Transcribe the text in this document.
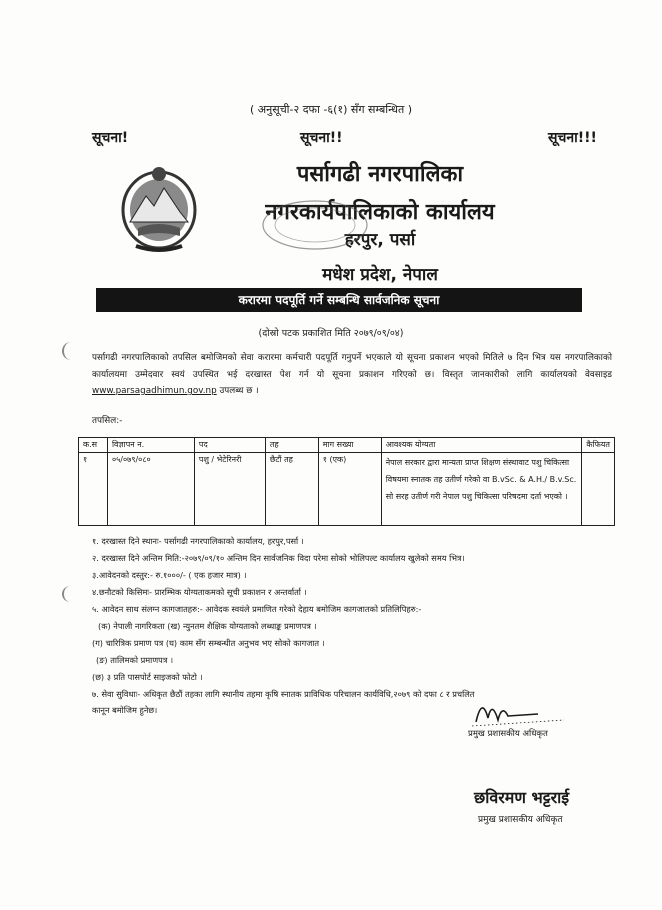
( अनुसूची-२ दफा -६(१) सँग सम्बन्धित )
सूचना!	सूचना!!	सूचना!!!
पर्सागढी नगरपालिका
नगरकार्यपालिकाको कार्यालय
हरपुर, पर्सा
मधेश प्रदेश, नेपाल
करारमा पदपूर्ति गर्ने सम्बन्धि सार्वजनिक सूचना
(दोस्रो पटक प्रकाशित मिति २०७९/०९/०४)
पर्सागढी नगरपालिकाको तपसिल बमोजिमको सेवा करारमा कर्मचारी पदपूर्ति गनुपर्ने भएकाले यो सूचना प्रकाशन भएको मितिले ७ दिन भित्र यस नगरपालिकाको कार्यालयमा उम्मेदवार स्वयं उपस्थित भई दरखास्त पेश गर्न यो सूचना प्रकाशन गरिएको छ। विस्तृत जानकारीको लागि कार्यालयको वेवसाइड www.parsagadhimun.gov.np उपलब्ध छ ।
तपसिल:-
क.स	विज्ञापन न.	पद	तह	माग सख्या	आवश्यक योग्यता	कैफियत
१	०५/०७९/०८०	पशु / भेटेरिनरी	छैटौं तह	१ (एक)	नेपाल सरकार द्वारा मान्यता प्राप्त शिक्षण संस्थावाट पशु चिकित्सा विषयमा स्नातक तह उतीर्ण गरेको वा B.vSc. & A.H./ B.v.Sc. सो सरह उतीर्ण गरी नेपाल पशु चिकित्सा परिषदमा दर्ता भएको ।	
१. दरखास्त दिने स्थानः- पर्सागढी नगरपालिकाको कार्यालय, हरपुर,पर्सा ।
२. दरखास्त दिने अन्तिम मिति:-२०७९/०९/१० अन्तिम दिन सार्वजनिक विदा परेमा सोको भोलिपल्ट कार्यालय खुलेको समय भित्र।
३.आवेदनको दस्तुर:- रु.१०००/- ( एक हजार मात्र) ।
४.छनौटको किसिमः- प्रारम्भिक योग्यताकमको सूची प्रकाशन र अन्तर्वार्ता ।
५. आवेदन साथ संलग्न कागजातहरु:- आवेदक स्वयंले प्रमाणित गरेको देहाय बमोजिम कागजातको प्रतिलिपिहरु:-
(क) नेपाली नागरिकता (ख) न्युनतम शैक्षिक योग्यताको लब्धाङ्क प्रमाणपत्र ।
(ग) चारित्रिक प्रमाण पत्र (घ) काम सँग सम्बन्धीत अनुभव भए सोको कागजात ।
(ङ) तालिमको प्रमाणपत्र ।
(छ) ३ प्रति पासपोर्ट साइजको फोटो ।
७. सेवा सुविधाः- अधिकृत छैठौं तहका लागि स्थानीय तहमा कृषि स्नातक प्राविधिक परिचालन कार्यविधि,२०७९ को दफा ८ र प्रचलित
कानून बमोजिम हुनेछ।
प्रमुख प्रशासकीय अधिकृत
छविरमण भट्टराई
प्रमुख प्रशासकीय अधिकृत
